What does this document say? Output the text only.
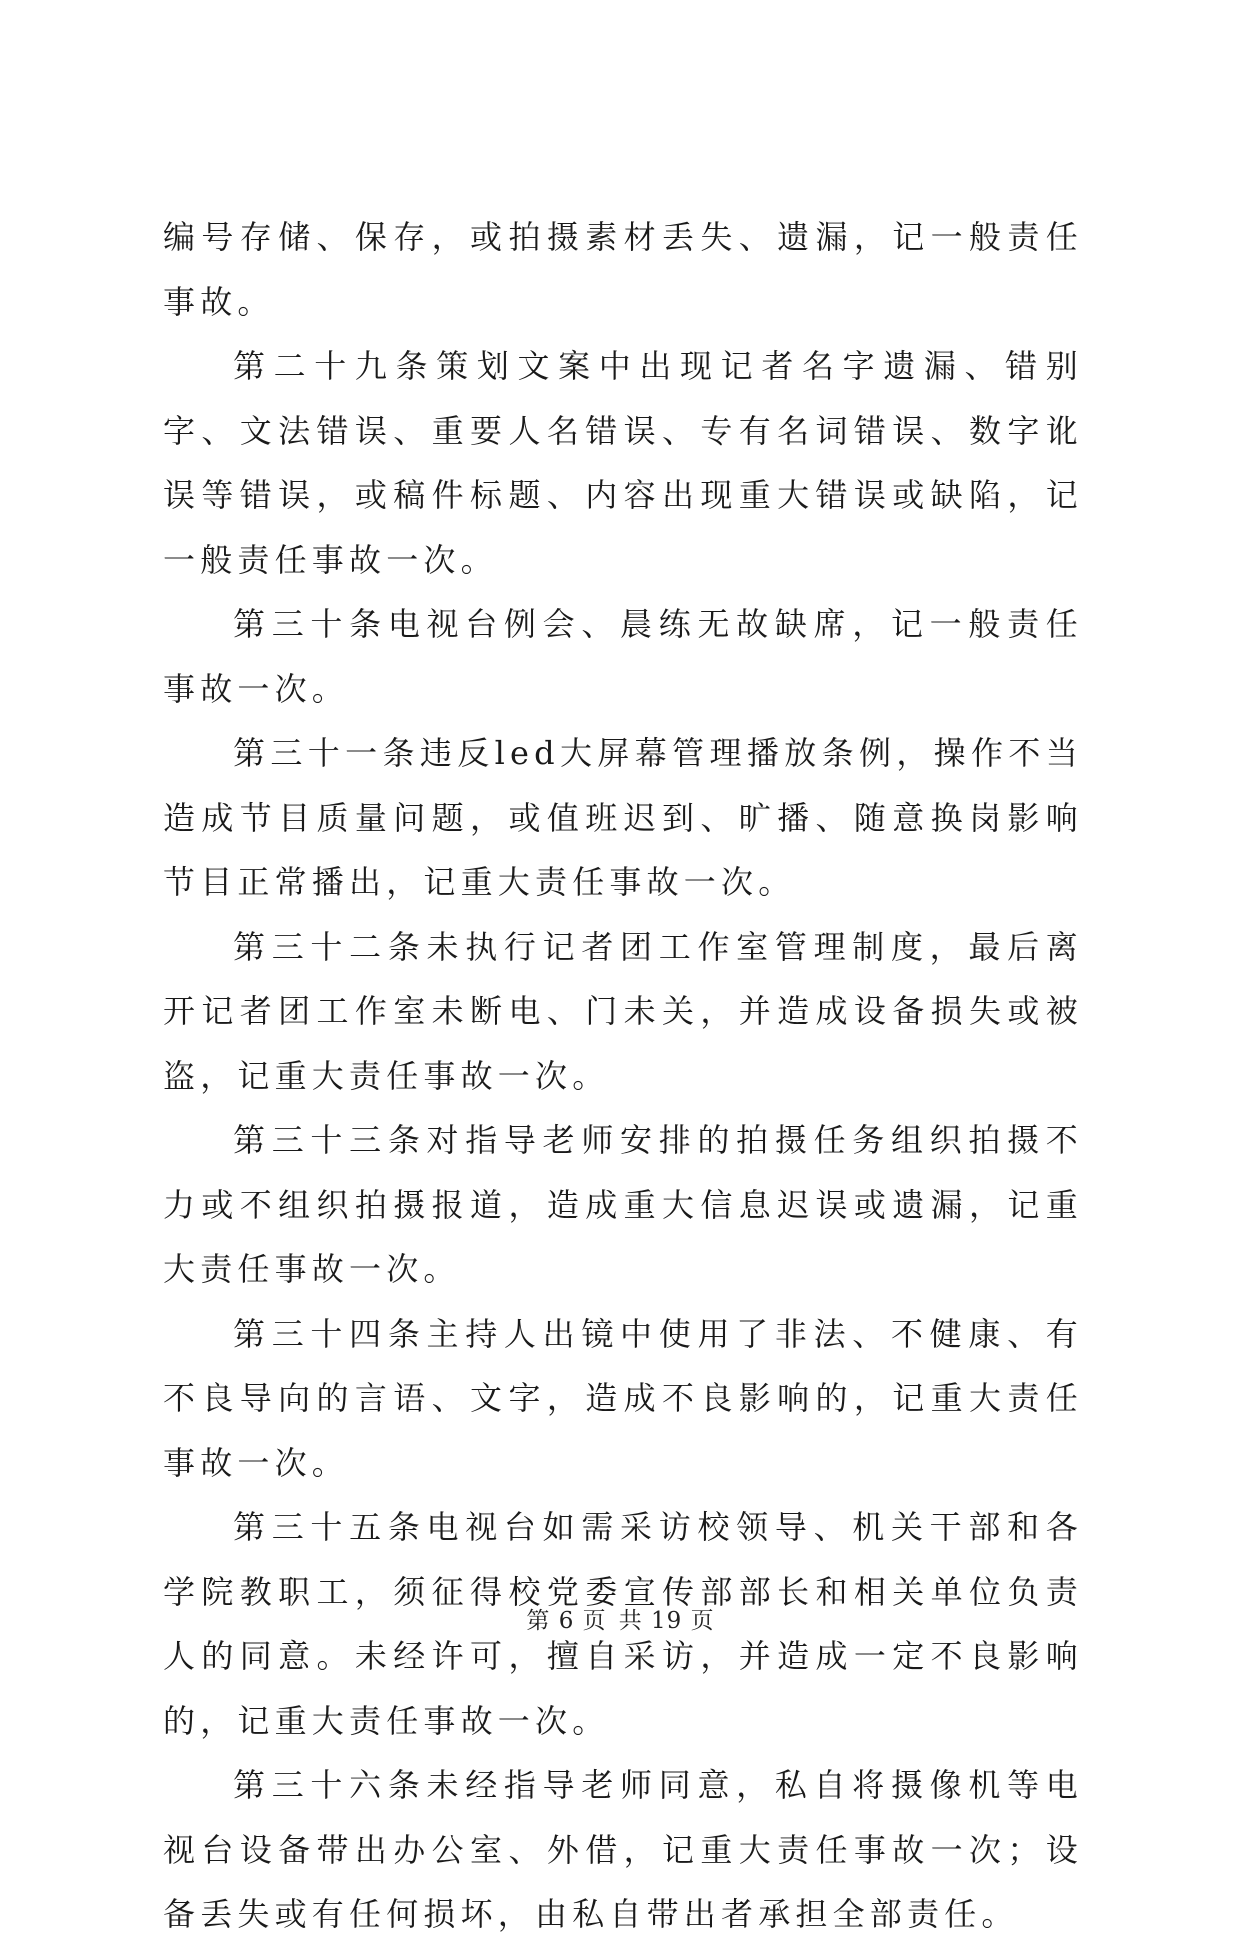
编号存储、保存，或拍摄素材丢失、遗漏，记一般责任事故。

第二十九条策划文案中出现记者名字遗漏、错别字、文法错误、重要人名错误、专有名词错误、数字讹误等错误，或稿件标题、内容出现重大错误或缺陷，记一般责任事故一次。

第三十条电视台例会、晨练无故缺席，记一般责任事故一次。

第三十一条违反led大屏幕管理播放条例，操作不当造成节目质量问题，或值班迟到、旷播、随意换岗影响节目正常播出，记重大责任事故一次。

第三十二条未执行记者团工作室管理制度，最后离开记者团工作室未断电、门未关，并造成设备损失或被盗，记重大责任事故一次。

第三十三条对指导老师安排的拍摄任务组织拍摄不力或不组织拍摄报道，造成重大信息迟误或遗漏，记重大责任事故一次。

第三十四条主持人出镜中使用了非法、不健康、有不良导向的言语、文字，造成不良影响的，记重大责任事故一次。

第三十五条电视台如需采访校领导、机关干部和各学院教职工，须征得校党委宣传部部长和相关单位负责人的同意。未经许可，擅自采访，并造成一定不良影响的，记重大责任事故一次。

第三十六条未经指导老师同意，私自将摄像机等电视台设备带出办公室、外借，记重大责任事故一次；设备丢失或有任何损坏，由私自带出者承担全部责任。

第 6 页 共 19 页
